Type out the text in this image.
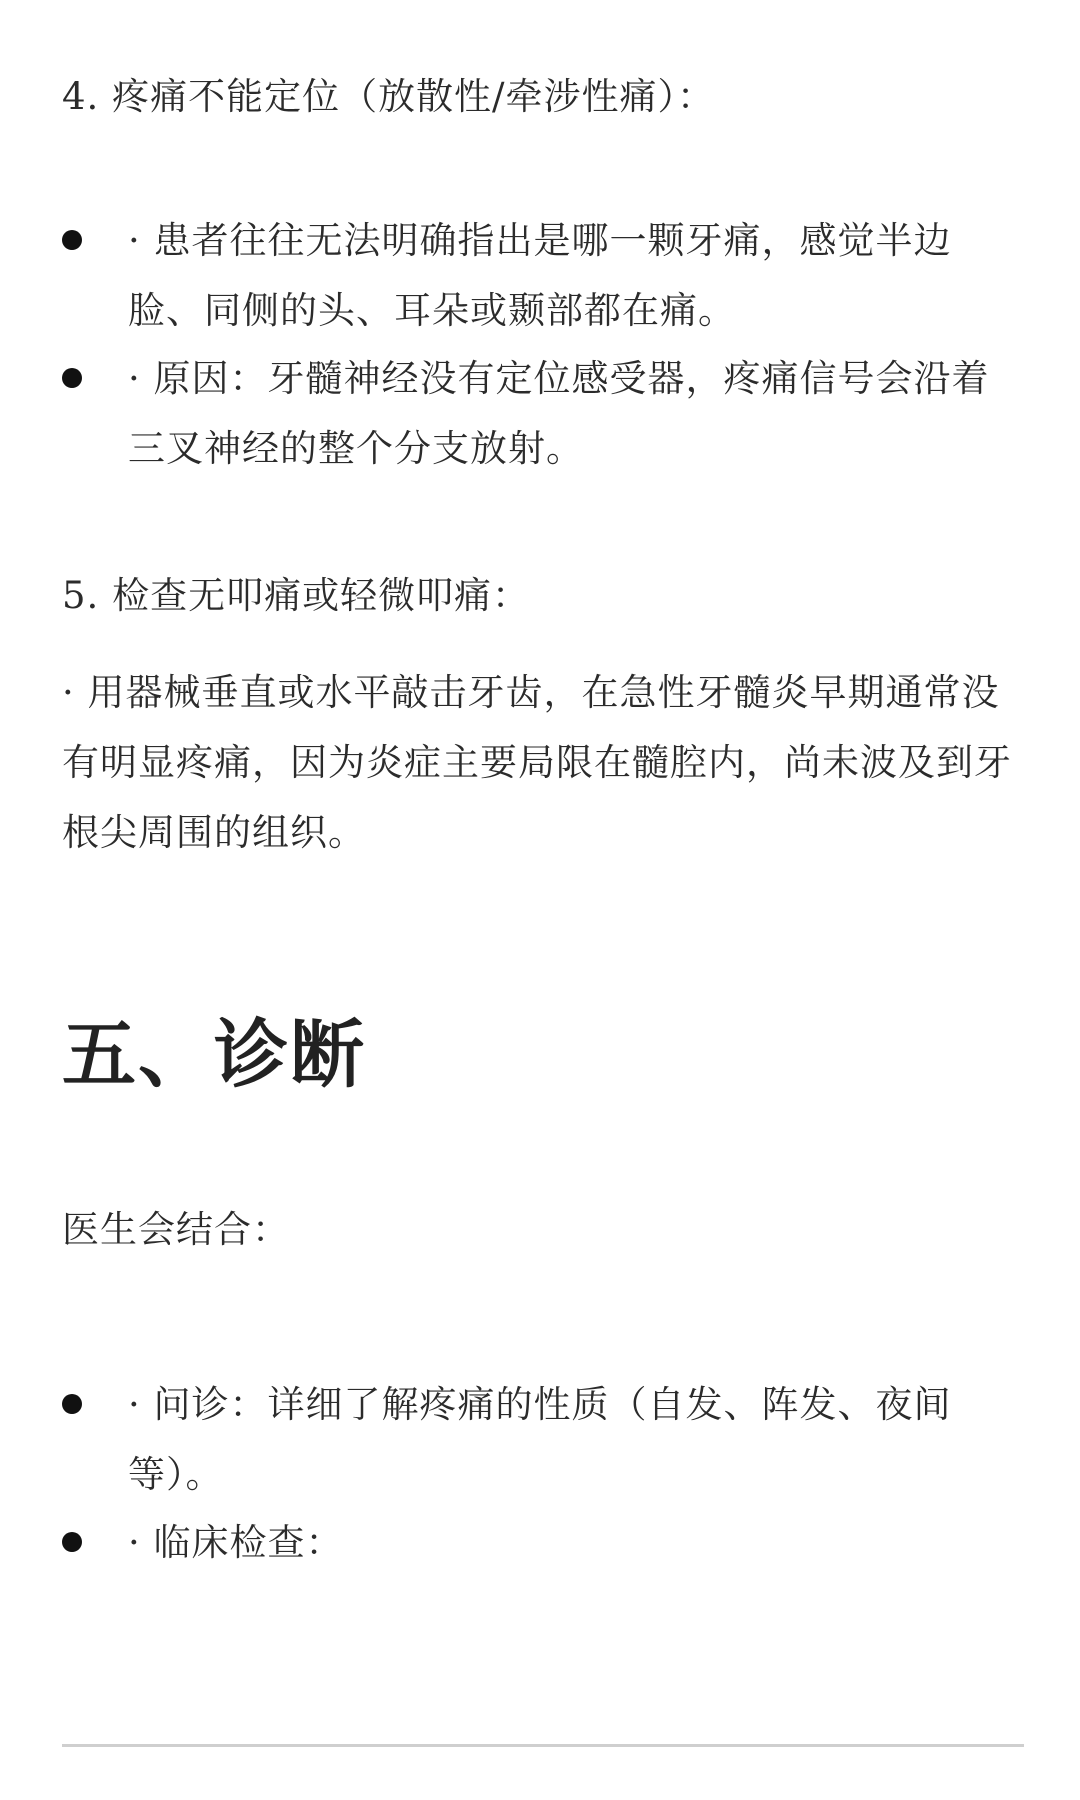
4. 疼痛不能定位（放散性/牵涉性痛）：

· 患者往往无法明确指出是哪一颗牙痛，感觉半边脸、同侧的头、耳朵或颞部都在痛。
· 原因：牙髓神经没有定位感受器，疼痛信号会沿着三叉神经的整个分支放射。

5. 检查无叩痛或轻微叩痛：

· 用器械垂直或水平敲击牙齿，在急性牙髓炎早期通常没有明显疼痛，因为炎症主要局限在髓腔内，尚未波及到牙根尖周围的组织。

五、诊断

医生会结合：

· 问诊：详细了解疼痛的性质（自发、阵发、夜间等）。
· 临床检查：
